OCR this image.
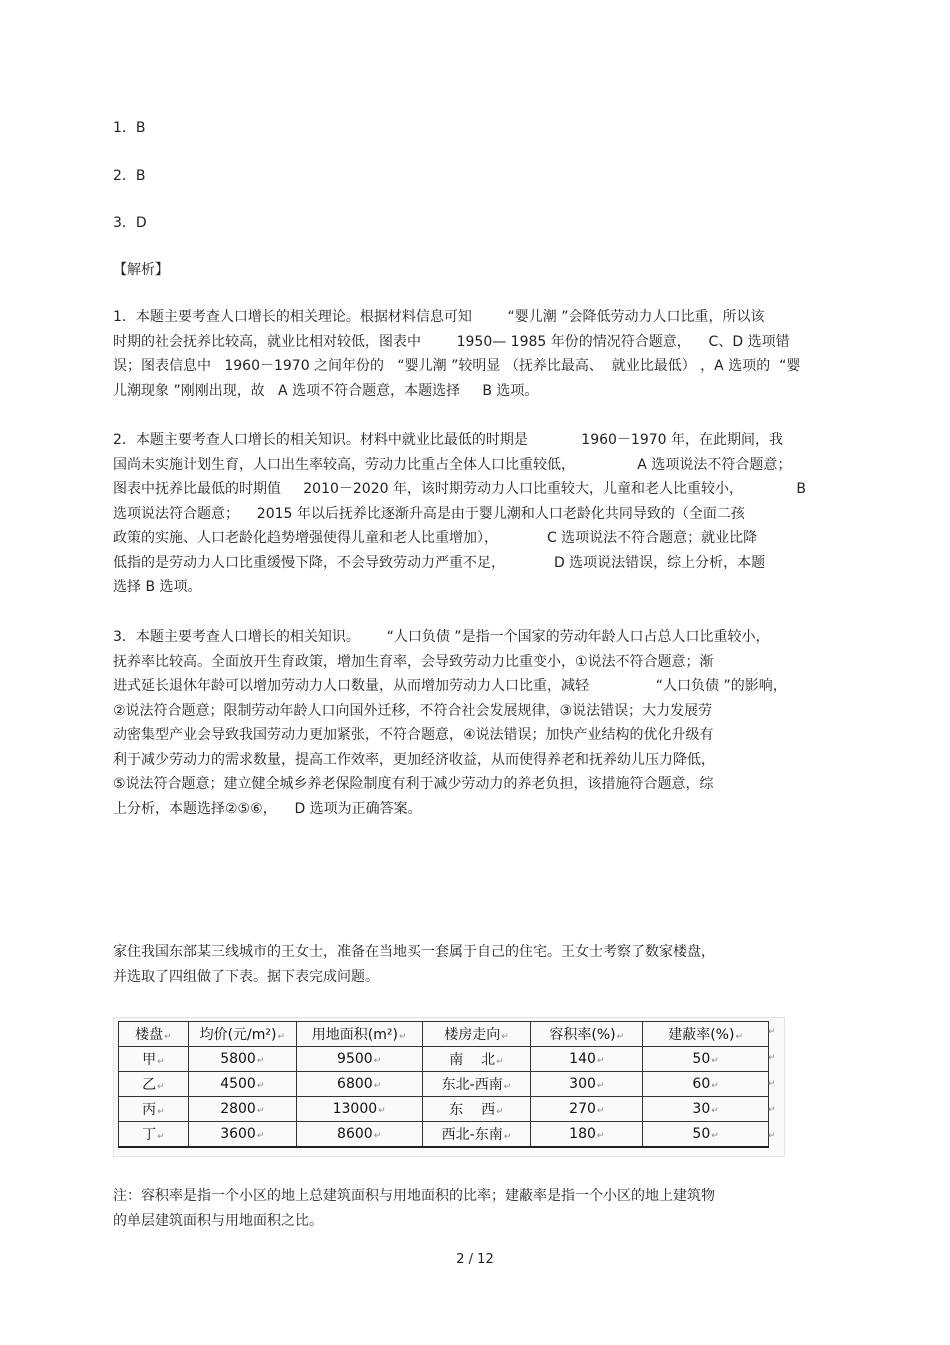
1．B
2．B
3．D
【解析】
1．本题主要考查人口增长的相关理论。根据材料信息可知        “婴儿潮 ”会降低劳动力人口比重，所以该
时期的社会抚养比较高，就业比相对较低，图表中        1950— 1985 年份的情况符合题意，    C、D 选项错
误；图表信息中   1960－1970 之间年份的   “婴儿潮 ”较明显 （抚养比最高、  就业比最低） ，A 选项的  “婴
儿潮现象 ”刚刚出现，故   A 选项不符合题意，本题选择     B 选项。
2．本题主要考查人口增长的相关知识。材料中就业比最低的时期是            1960－1970 年，在此期间，我
国尚未实施计划生育，人口出生率较高，劳动力比重占全体人口比重较低，              A 选项说法不符合题意；
图表中抚养比最低的时期值     2010－2020 年，该时期劳动力人口比重较大，儿童和老人比重较小，            B
选项说法符合题意；    2015 年以后抚养比逐渐升高是由于婴儿潮和人口老龄化共同导致的（全面二孩
政策的实施、人口老龄化趋势增强使得儿童和老人比重增加），           C 选项说法不符合题意；就业比降
低指的是劳动力人口比重缓慢下降，不会导致劳动力严重不足，           D 选项说法错误，综上分析，本题
选择 B 选项。
3．本题主要考查人口增长的相关知识。      “人口负债 ”是指一个国家的劳动年龄人口占总人口比重较小，
抚养率比较高。全面放开生育政策，增加生育率，会导致劳动力比重变小，①说法不符合题意；渐
进式延长退休年龄可以增加劳动力人口数量，从而增加劳动力人口比重，减轻               “人口负债 ”的影响，
②说法符合题意；限制劳动年龄人口向国外迁移，不符合社会发展规律，③说法错误；大力发展劳
动密集型产业会导致我国劳动力更加紧张，不符合题意，④说法错误；加快产业结构的优化升级有
利于减少劳动力的需求数量，提高工作效率，更加经济收益，从而使得养老和抚养幼儿压力降低，
⑤说法符合题意；建立健全城乡养老保险制度有利于减少劳动力的养老负担，该措施符合题意，综
上分析，本题选择②⑤⑥，    D 选项为正确答案。
家住我国东部某三线城市的王女士，准备在当地买一套属于自己的住宅。王女士考察了数家楼盘，
并选取了四组做了下表。据下表完成问题。
楼盘↵	均价(元/m²)↵	用地面积(m²)↵	楼房走向↵	容积率(%)↵	建蔽率(%)↵
甲↵	5800↵	9500↵	南    北↵	140↵	50↵
乙↵	4500↵	6800↵	东北-西南↵	300↵	60↵
丙↵	2800↵	13000↵	东    西↵	270↵	30↵
丁↵	3600↵	8600↵	西北-东南↵	180↵	50↵
↵
↵
↵
↵
↵
注：容积率是指一个小区的地上总建筑面积与用地面积的比率；建蔽率是指一个小区的地上建筑物
的单层建筑面积与用地面积之比。
2 / 12
